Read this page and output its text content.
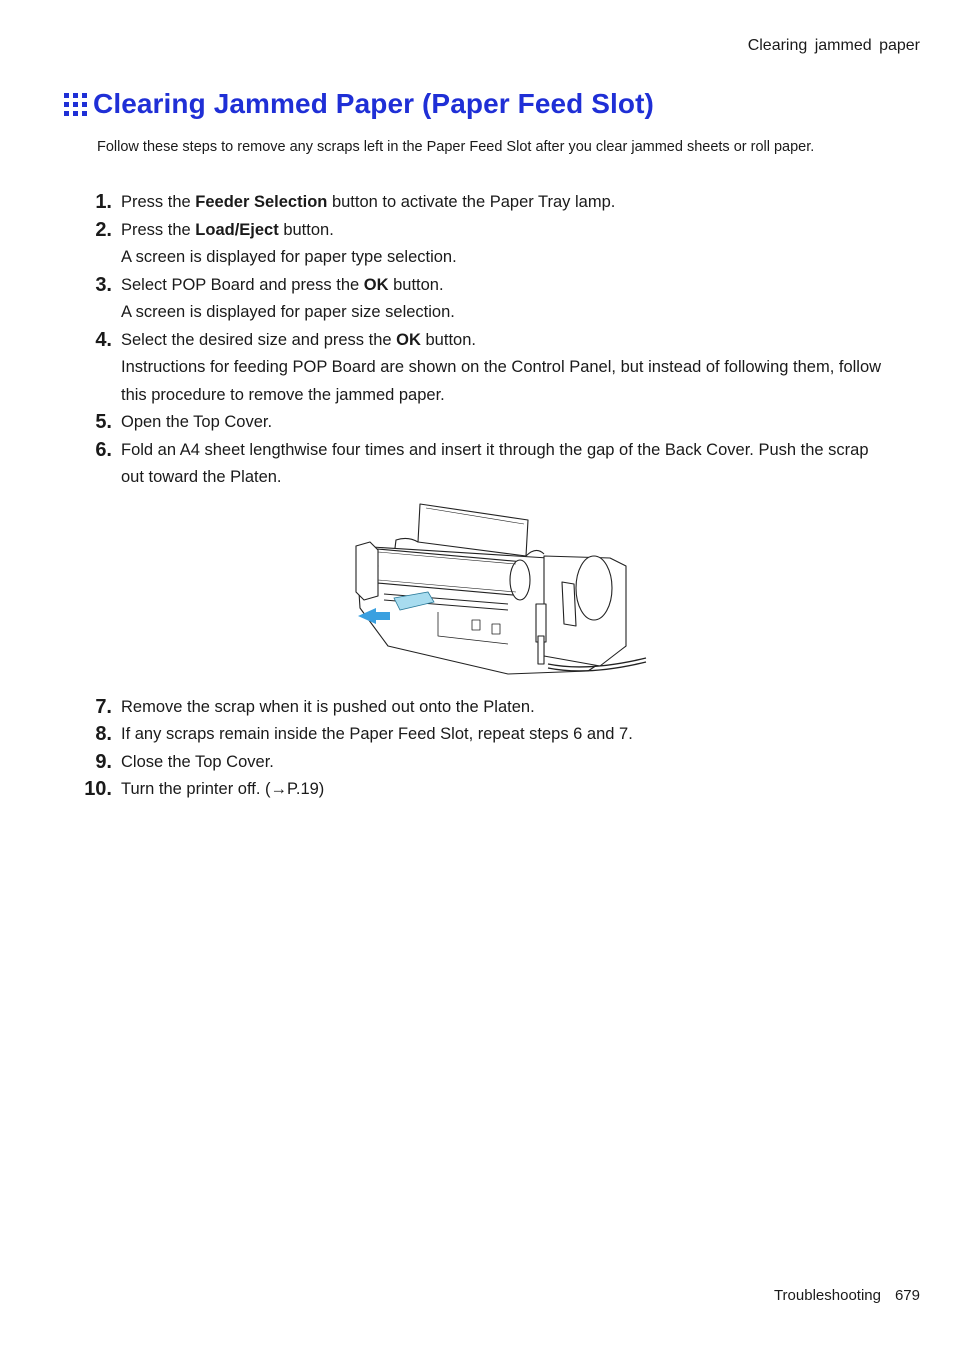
Clearing jammed paper
Clearing Jammed Paper (Paper Feed Slot)
Follow these steps to remove any scraps left in the Paper Feed Slot after you clear jammed sheets or roll paper.
1. Press the Feeder Selection button to activate the Paper Tray lamp.
2. Press the Load/Eject button.
A screen is displayed for paper type selection.
3. Select POP Board and press the OK button.
A screen is displayed for paper size selection.
4. Select the desired size and press the OK button.
Instructions for feeding POP Board are shown on the Control Panel, but instead of following them, follow this procedure to remove the jammed paper.
5. Open the Top Cover.
6. Fold an A4 sheet lengthwise four times and insert it through the gap of the Back Cover. Push the scrap out toward the Platen.
7. Remove the scrap when it is pushed out onto the Platen.
8. If any scraps remain inside the Paper Feed Slot, repeat steps 6 and 7.
9. Close the Top Cover.
10. Turn the printer off. (→P.19)
Troubleshooting 679
